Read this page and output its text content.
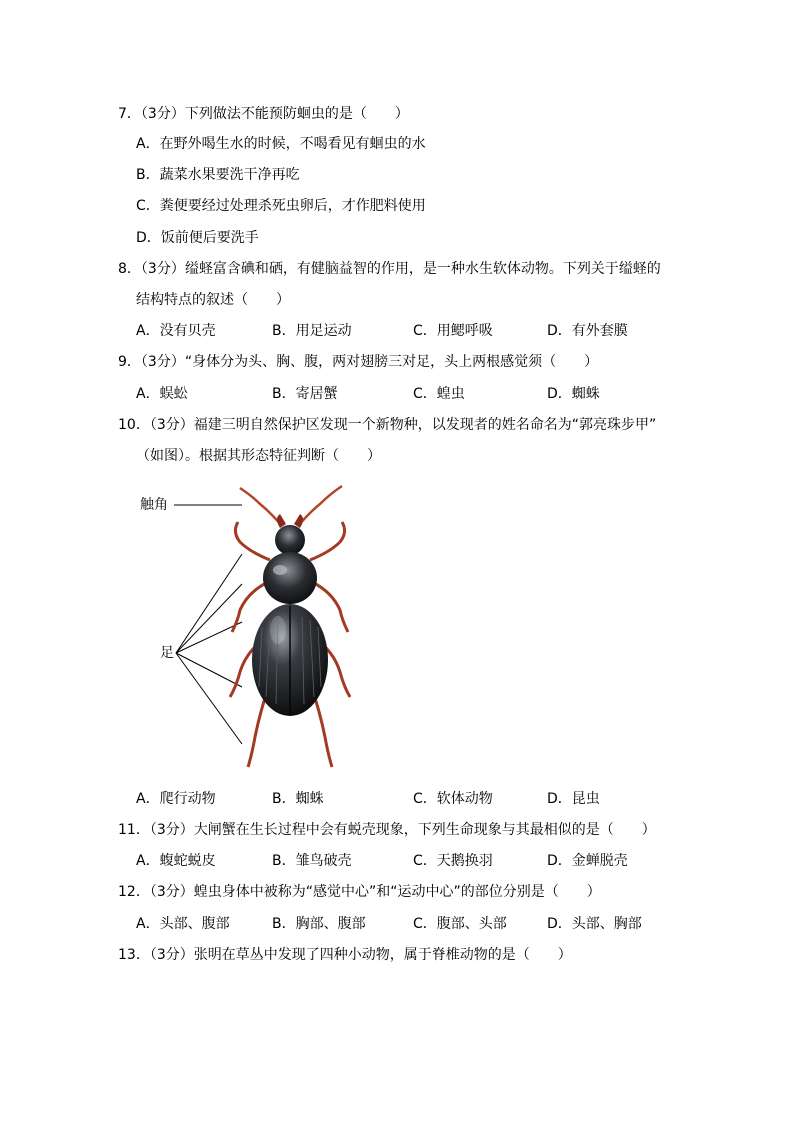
7．（3分）下列做法不能预防蛔虫的是（　　）
A．在野外喝生水的时候，不喝看见有蛔虫的水
B．蔬菜水果要洗干净再吃
C．粪便要经过处理杀死虫卵后，才作肥料使用
D．饭前便后要洗手
8．（3分）缢蛏富含碘和硒，有健脑益智的作用，是一种水生软体动物。下列关于缢蛏的
结构特点的叙述（　　）
A．没有贝壳	B．用足运动	C．用鳃呼吸	D．有外套膜
9．（3分）“身体分为头、胸、腹，两对翅膀三对足，头上两根感觉须（　　）
A．蜈蚣	B．寄居蟹	C．蝗虫	D．蜘蛛
10．（3分）福建三明自然保护区发现一个新物种，以发现者的姓名命名为“郭亮珠步甲”
（如图）。根据其形态特征判断（　　）
触角
足
A．爬行动物	B．蜘蛛	C．软体动物	D．昆虫
11．（3分）大闸蟹在生长过程中会有蜕壳现象，下列生命现象与其最相似的是（　　）
A．蝮蛇蜕皮	B．雏鸟破壳	C．天鹅换羽	D．金蝉脱壳
12．（3分）蝗虫身体中被称为“感觉中心”和“运动中心”的部位分别是（　　）
A．头部、腹部	B．胸部、腹部	C．腹部、头部	D．头部、胸部
13．（3分）张明在草丛中发现了四种小动物，属于脊椎动物的是（　　）
